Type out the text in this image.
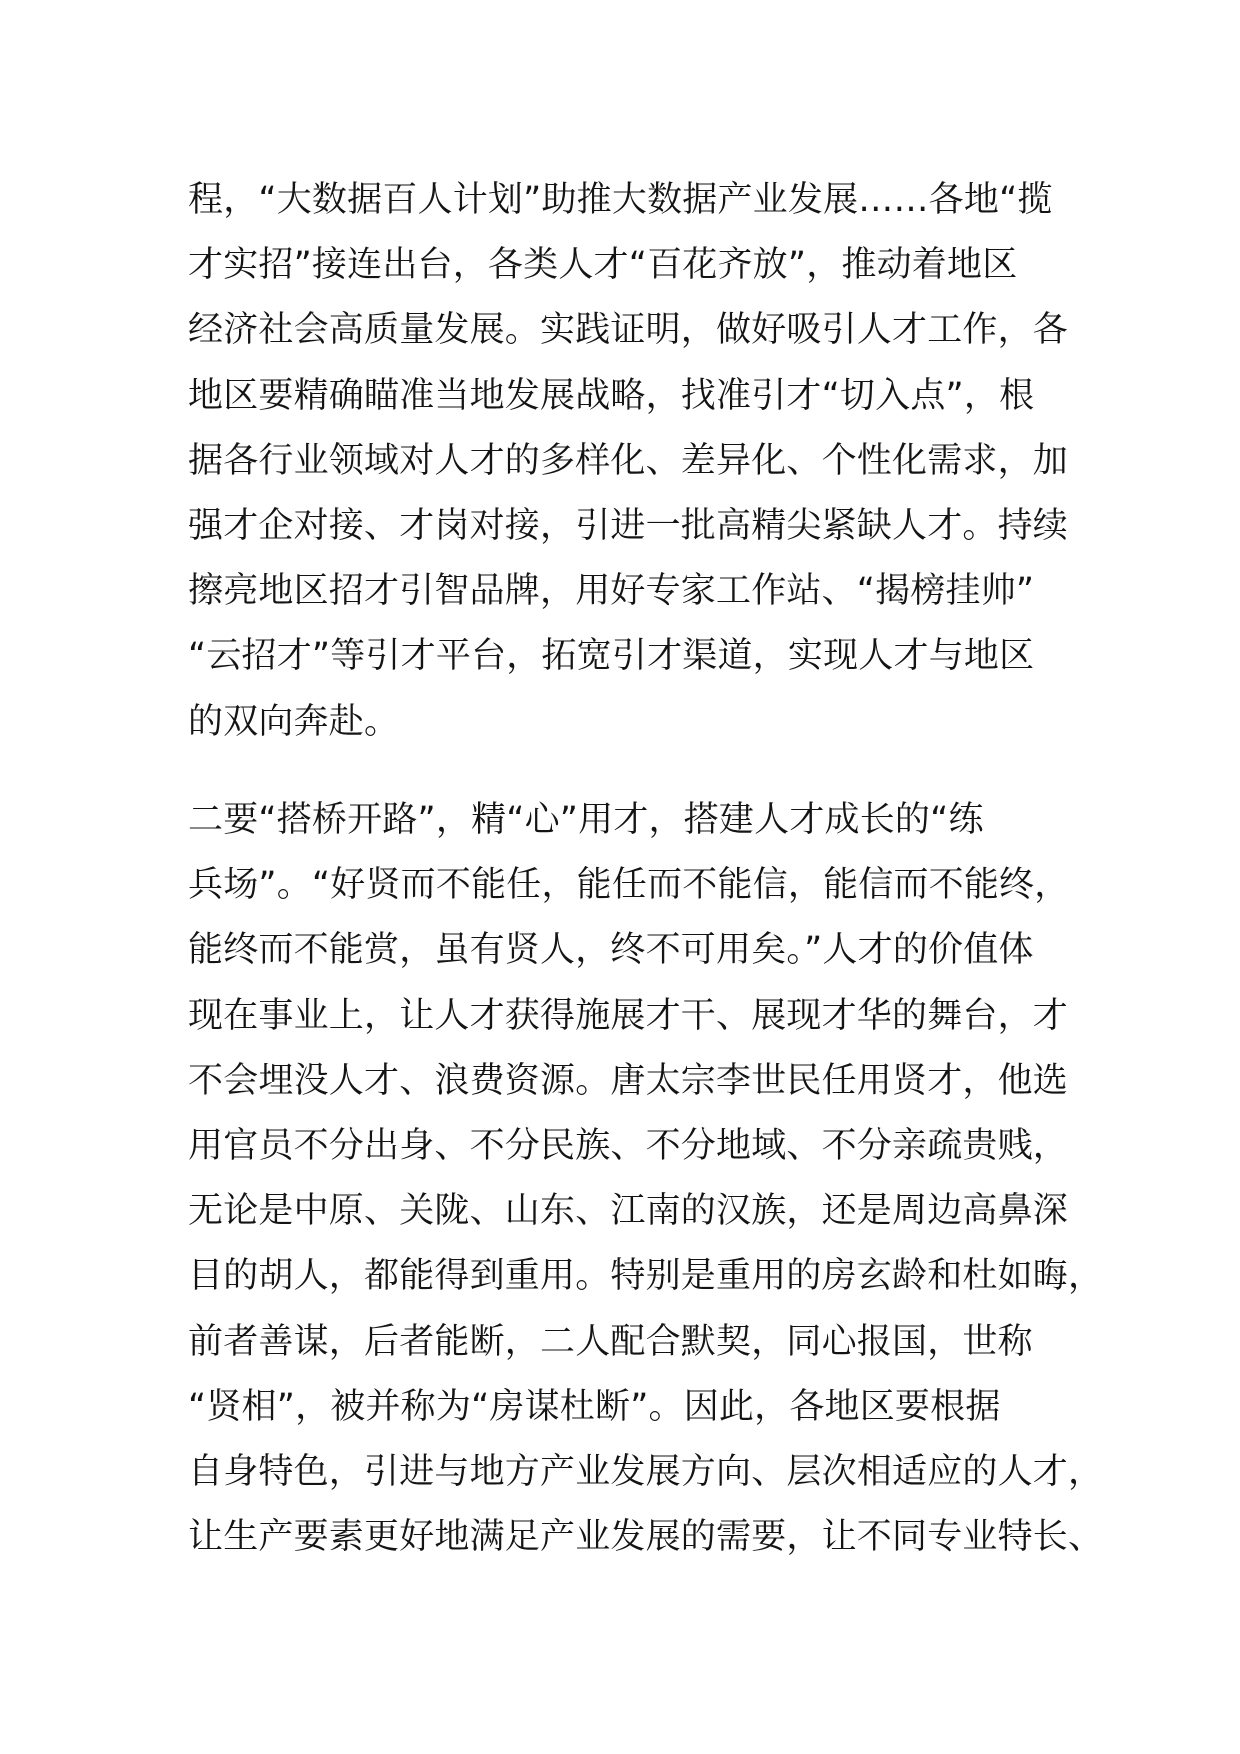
程，“大数据百人计划”助推大数据产业发展……各地“揽
才实招”接连出台，各类人才“百花齐放”，推动着地区
经济社会高质量发展。实践证明，做好吸引人才工作，各
地区要精确瞄准当地发展战略，找准引才“切入点”，根
据各行业领域对人才的多样化、差异化、个性化需求，加
强才企对接、才岗对接，引进一批高精尖紧缺人才。持续
擦亮地区招才引智品牌，用好专家工作站、“揭榜挂帅”
“云招才”等引才平台，拓宽引才渠道，实现人才与地区
的双向奔赴。
二要“搭桥开路”，精“心”用才，搭建人才成长的“练
兵场”。“好贤而不能任，能任而不能信，能信而不能终，
能终而不能赏，虽有贤人，终不可用矣。”人才的价值体
现在事业上，让人才获得施展才干、展现才华的舞台，才
不会埋没人才、浪费资源。唐太宗李世民任用贤才，他选
用官员不分出身、不分民族、不分地域、不分亲疏贵贱，
无论是中原、关陇、山东、江南的汉族，还是周边高鼻深
目的胡人，都能得到重用。特别是重用的房玄龄和杜如晦，
前者善谋，后者能断，二人配合默契，同心报国，世称
“贤相”，被并称为“房谋杜断”。因此，各地区要根据
自身特色，引进与地方产业发展方向、层次相适应的人才，
让生产要素更好地满足产业发展的需要，让不同专业特长、
